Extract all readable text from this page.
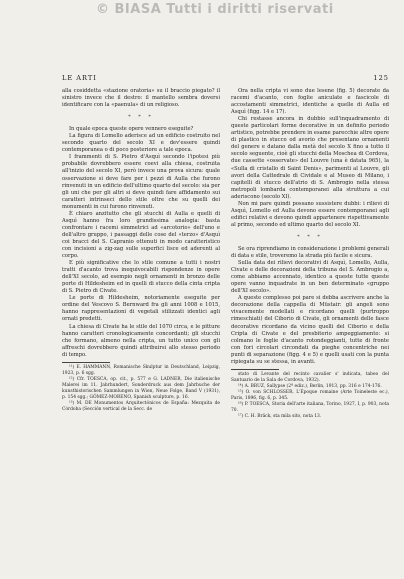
© BIASA Tutti i diritti riservati
LE ARTI	125

alla cosiddetta «stazione oratoria» su il braccio piegato? il sinistro invece che il destro: il mantello sembra doversi identificare con la «paenula» di un religioso.

* * *

In quale epoca queste opere vennero eseguite?

La figura di Lomello aderisce ad un edificio costruito nel secondo quarto del secolo XI e dev'essere quindi contemporanea o di poco posteriore a tale epoca.

I frammenti di S. Pietro d'Asquì secondo l'ipotesi più probabile dovrebbero essere coevi alla chiesa, costruita all'inizio del secolo XI, però invece una prova sicura: quale osservazione si deve fare per i pezzi di Aulla che furono rinvenuti in un edificio dell'ultimo quarto del secolo: sia per gli uni che per gli altri si deve quindi fare affidamento sui caratteri intrinseci dello stile oltre che su quelli dei monumenti in cui furono rinvenuti.

È chiaro anzitutto che gli stucchi di Aulla e quelli di Asquì hanno fra loro grandissima analogia: basta confrontare i racemi simmetrici ad «arcotorio» dell'uno e dell'altro gruppo, i passaggi delle cose del «terzo» d'Asquì coi bracci del S. Capranio ottenuti in modo caratteristico con incisioni a zig-zag sulle superfici lisce ed aderenti al corpo.

E più significative che lo stile comune a tutti i nostri tratti d'acanto trova inequivocabili rispondenze in opere dell'XI secolo, ad esempio negli ornamenti in bronzo delle porte di Hildesheim ed in quelli di stucco della cinta cripta di S. Pietro di Civate.

Le porte di Hildesheim, notoriamente eseguite per ordine del Vescovo S. Bernward fra gli anni 1008 e 1015, hanno rappresentazioni di vegetali stilizzati identici agli ornati predetti.

La chiesa di Civate ha le stile del 1070 circa, e le pitture hanno caratteri cronologicamente concordanti; gli stucchi che formano, almeno nella cripta, un tutto unico con gli affreschi dovrebbero quindi attribuirsi allo stesso periodo di tempo.

¹¹) E. HAMMANN, Romanische Skulptur in Deutschland, Leipzig, 1923, p. 6 sgg.

¹²) Cfr. TOESCA, op. cit., p. 577 e G. LADNER, Die italienische Malerei im 11. Jahrhundert, Sonderdruck aus dem Jahrbuche der kunsthistorischen Sammlungen in Wien, Neue Folge, Band V (1931), p. 154 sgg.; GÓMEZ-MORENO, Spanish sculpture, p. 16.

¹³) M. DE Monumentos Arquitectónicos de España: Mezquita de Córdoba (Sección vertical de la Secc. de

Ora nella cripta vi sono due lesene (fig. 5) decorate da racemi d'acanto, con foglie aniculate e fascicole di accostamenti simmetrici, identiche a quelle di Aulla ed Asquì (figg. 14 e 17).

Chi restasse ancora in dubbio sull'inquadramento di queste particolari forme decorative in un definito periodo artistico, potrebbe prendere in esame parecchie altre opere di plastico in stucco od avorio che presentano ornamenti del genere e datano dalla metà del secolo X fino a tutto il secolo seguente, cioè gli stucchi della Moschea di Cordova, due cassette «osservate» del Louvre (una è datata 965), la «Sulla di cristallo di Saint Denis», parimenti al Louvre, gli avori della Cattedrale di Cividale e al Museo di Milano, i capitelli di stucco dell'atrio di S. Ambrogio nella stessa metropoli lombarda contemporanei alla struttura a cui aderiscono (secolo XI).

Non mi pare quindi possano sussistere dubbi: i rilievi di Asquì, Lomello ed Aulla devono essere contemporanei agli edifici relativi e devono quindi appartenere rispettivamente al primo, secondo ed ultimo quarto del secolo XI.

* * *

Se ora riprendiamo in considerazione i problemi generali di data e stile, troveremo la strada più facile e sicura.

Sulla data dei rilievi decorativi di Asquì, Lomello, Aulla, Civate e delle decorazioni della tribuna del S. Ambrogio a, come abbiamo accennato, identico a queste tutte queste opere vanno inquadrate in un ben determinato «gruppo dell'XI secolo».

A queste complesso poi pare si debba ascrivere anche la decorazione della cappella di Müstair: gli angeli sono vivacemente modellati e ricordano quelli (purtroppo rimeschiati) del Ciborio di Civate, gli ornamenti delle fasce decorative ricordano da vicino quelli del Ciborio e della Cripta di Civate e del presbiterio ampeggiamento: si colmano le foglie d'acanto rotondeggianti, tutte di fronte con fori circolari circondati da pieghe concentriche nei punti di separazione (figg. 4 e 5) e quelli usati con la punta ripiegata su se stessa, in avanti.

stato di Levante del recinto cavalier s' indicata, tabeo del Santuario de la Sala de Cordova, 1932).

¹⁴) A. BRUZ, Sallypse (2ª ediz.), Berlin, 1913, pp. 316 e 174-176.

¹⁵) O. von SCHLOSSER, L'Époque romaine (Arte Toineleste ec.), Paris, 1896, fig. 6, p. 345.

¹⁶) P. TOESCA, Storia dell'arte italiana, Torino, 1927, I, p. 903, nota 70.

¹⁷) C. H. Bräck, sta mila sito, nota 13.
